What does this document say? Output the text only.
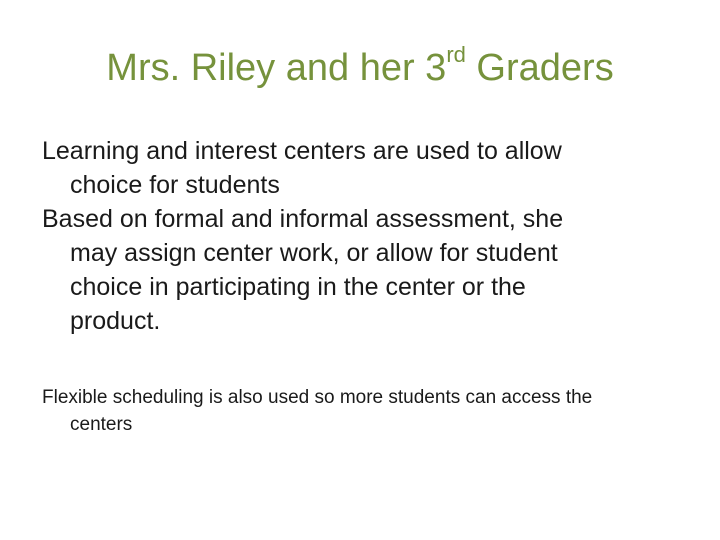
Mrs. Riley and her 3rd Graders

Learning and interest centers are used to allow
choice for students

Based on formal and informal assessment, she
may assign center work, or allow for student
choice in participating in the center or the
product.

Flexible scheduling is also used so more students can access the
centers
